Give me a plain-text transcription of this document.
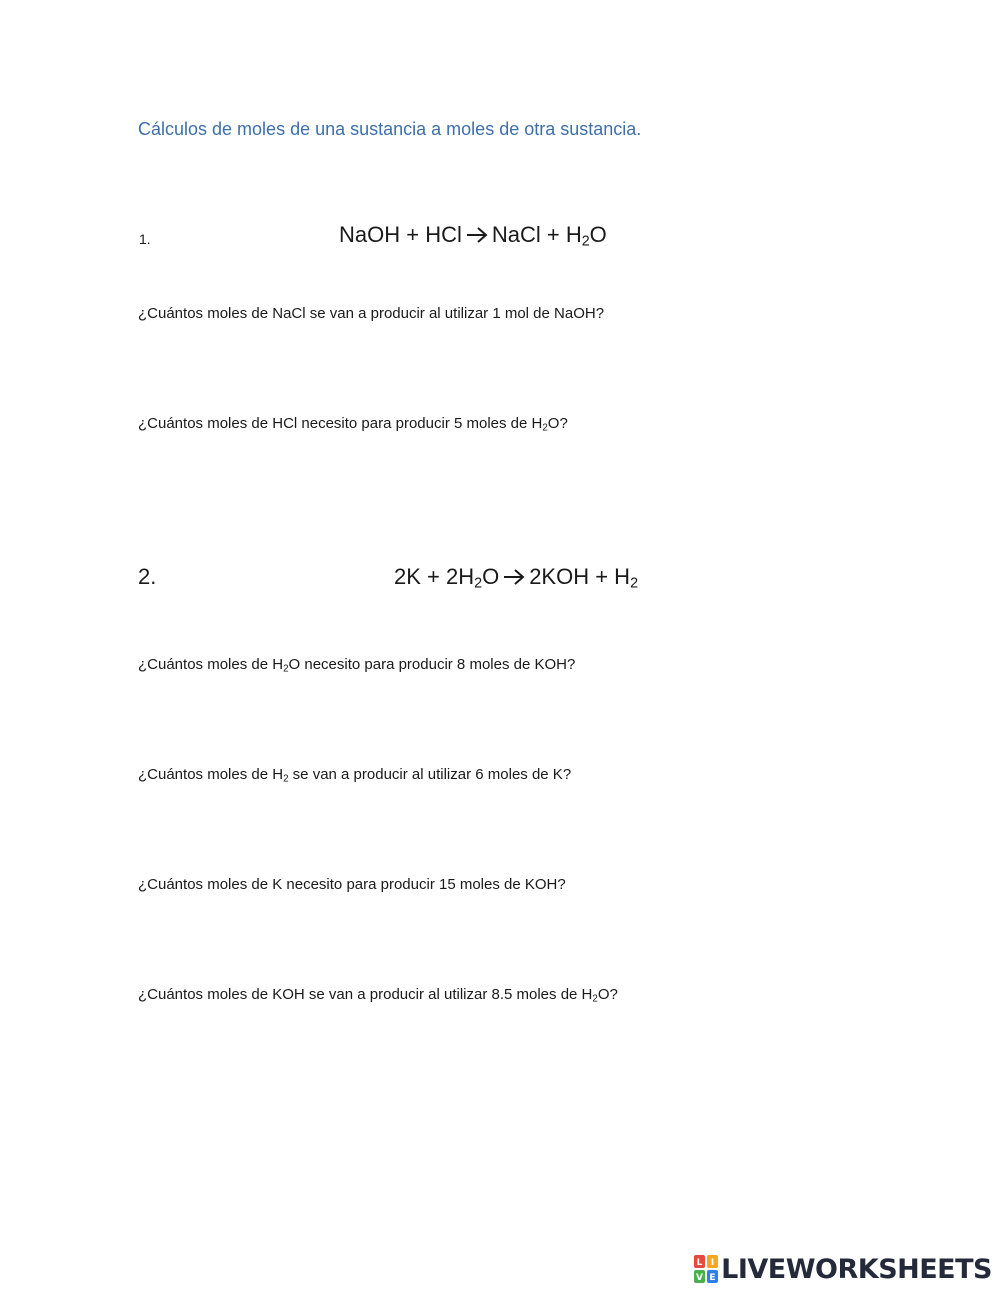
Cálculos de moles de una sustancia a moles de otra sustancia.
1.	NaOH + HCl NaCl + $H_2O$
¿Cuántos moles de NaCl se van a producir al utilizar 1 mol de NaOH?
¿Cuántos moles de HCl necesito para producir 5 moles de $H_2O$?
2.	$2K + 2H_2O$ $2KOH + H_2$
¿Cuántos moles de $H_2O$ necesito para producir 8 moles de KOH?
¿Cuántos moles de $H_2$ se van a producir al utilizar 6 moles de K?
¿Cuántos moles de K necesito para producir 15 moles de KOH?
¿Cuántos moles de KOH se van a producir al utilizar 8.5 moles de $H_2O$?
L I
V E LIVEWORKSHEETS
